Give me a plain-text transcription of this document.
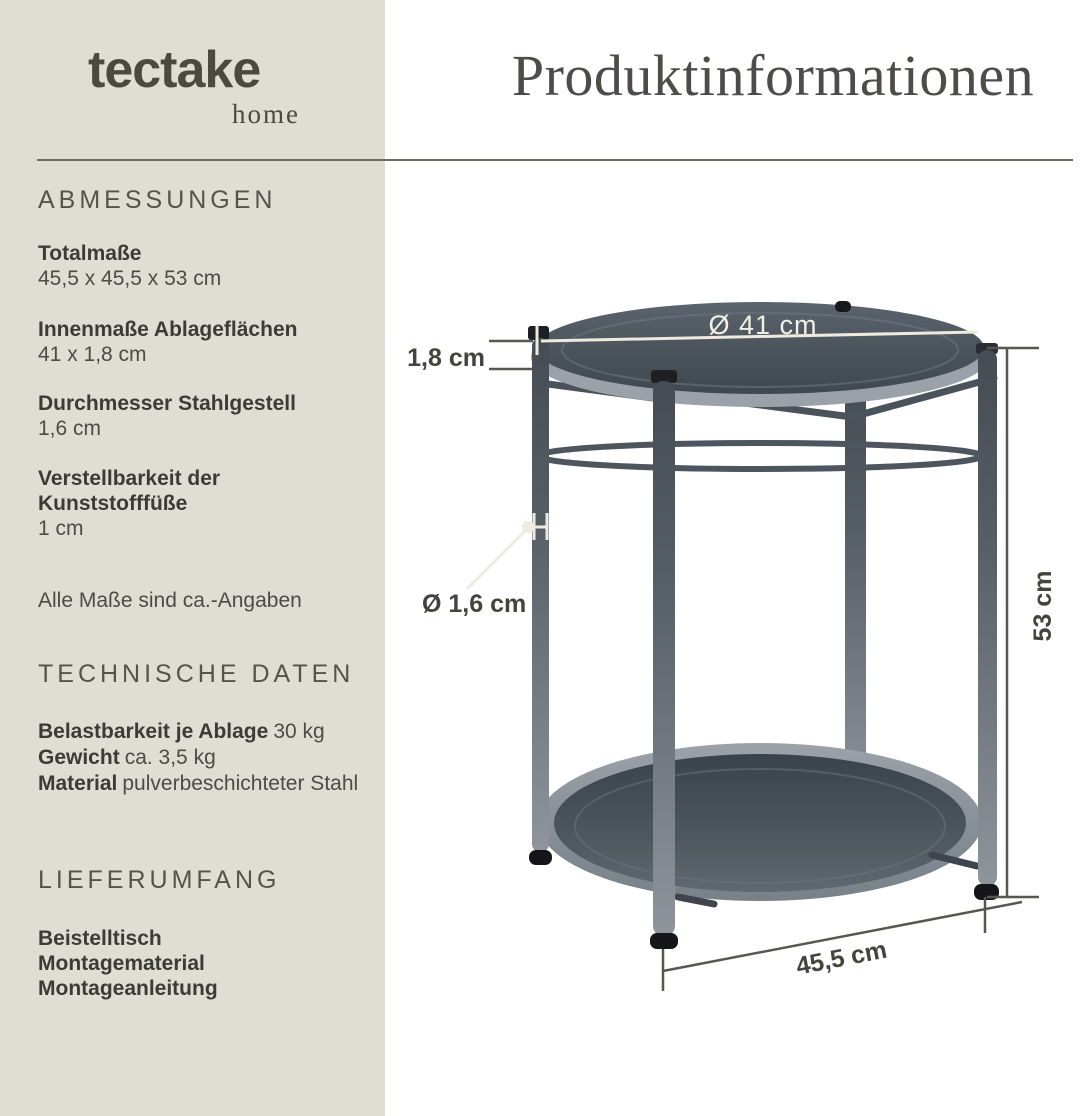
tectake
home
Produktinformationen
ABMESSUNGEN
Totalmaße
45,5 x 45,5 x 53 cm
Innenmaße Ablageflächen
41 x 1,8 cm
Durchmesser Stahlgestell
1,6 cm
Verstellbarkeit der Kunststofffüße
1 cm
Alle Maße sind ca.-Angaben
TECHNISCHE DATEN
Belastbarkeit je Ablage 30 kg
Gewicht ca. 3,5 kg
Material pulverbeschichteter Stahl
LIEFERUMFANG
Beistelltisch
Montagematerial
Montageanleitung
Ø 41 cm
1,8 cm
Ø 1,6 cm	53 cm
45,5 cm
